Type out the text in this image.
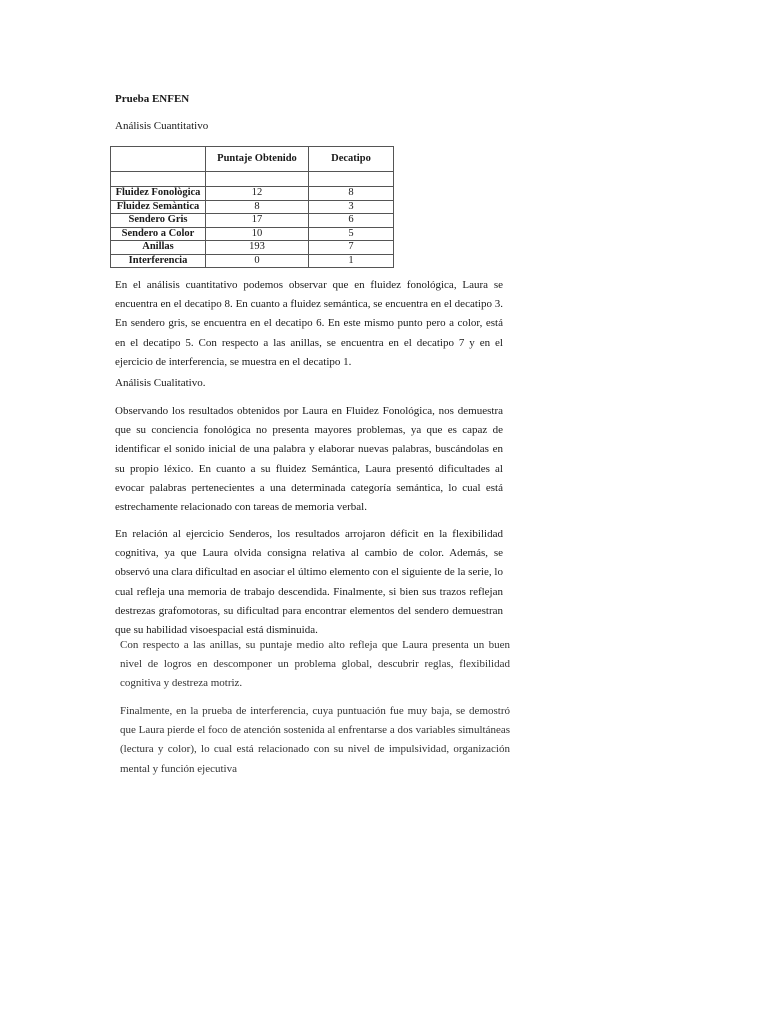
Prueba ENFEN
Análisis Cuantitativo
	Puntaje Obtenido	Decatipo

Fluidez Fonològica	12	8
Fluidez Semàntica	8	3
Sendero Gris	17	6
Sendero a Color	10	5
Anillas	193	7
Interferencia	0	1

En el análisis cuantitativo podemos observar que en fluidez fonológica, Laura se encuentra en el decatipo 8. En cuanto a fluidez semántica, se encuentra en el decatipo 3. En sendero gris, se encuentra en el decatipo 6. En este mismo punto pero a color, está en el decatipo 5. Con respecto a las anillas, se encuentra en el decatipo 7 y en el ejercicio de interferencia, se muestra en el decatipo 1.

Análisis Cualitativo.

Observando los resultados obtenidos por Laura en Fluidez Fonológica, nos demuestra que su conciencia fonológica no presenta mayores problemas, ya que es capaz de identificar el sonido inicial de una palabra y elaborar nuevas palabras, buscándolas en su propio léxico. En cuanto a su fluidez Semántica, Laura presentó dificultades al evocar palabras pertenecientes a una determinada categoría semántica, lo cual está estrechamente relacionado con tareas de memoria verbal.

En relación al ejercicio Senderos, los resultados arrojaron déficit en la flexibilidad cognitiva, ya que Laura olvida consigna relativa al cambio de color. Además, se observó una clara dificultad en asociar el último elemento con el siguiente de la serie, lo cual refleja una memoria de trabajo descendida. Finalmente, si bien sus trazos reflejan destrezas grafomotoras, su dificultad para encontrar elementos del sendero demuestran que su habilidad visoespacial está disminuida.

Con respecto a las anillas, su puntaje medio alto refleja que Laura presenta un buen nivel de logros en descomponer un problema global, descubrir reglas, flexibilidad cognitiva y destreza motriz.

Finalmente, en la prueba de interferencia, cuya puntuación fue muy baja, se demostró que Laura pierde el foco de atención sostenida al enfrentarse a dos variables simultáneas (lectura y color), lo cual está relacionado con su nivel de impulsividad, organización mental y función ejecutiva
